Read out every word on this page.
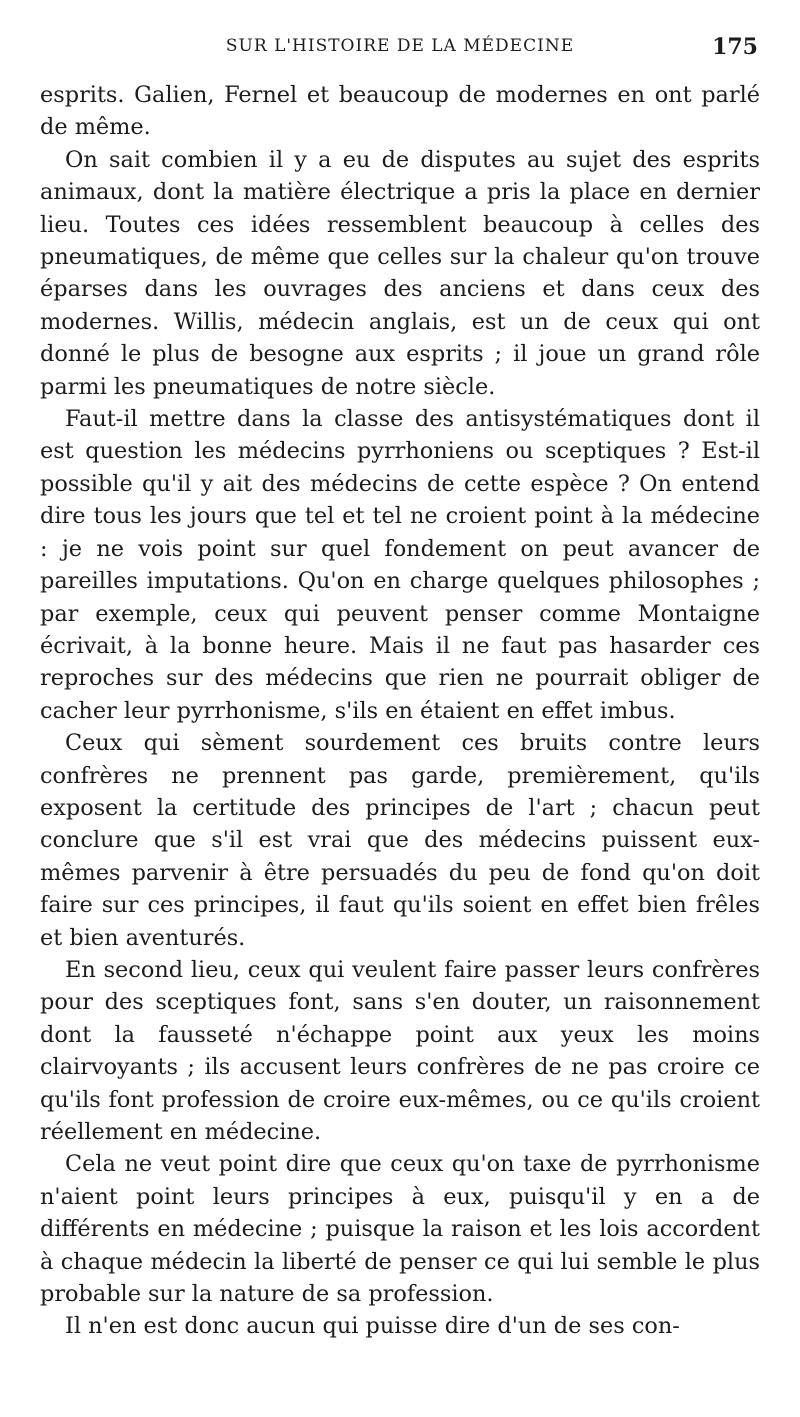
SUR L'HISTOIRE DE LA MÉDECINE	175

esprits. Galien, Fernel et beaucoup de modernes en ont parlé de même.

On sait combien il y a eu de disputes au sujet des esprits animaux, dont la matière électrique a pris la place en dernier lieu. Toutes ces idées ressemblent beaucoup à celles des pneumatiques, de même que celles sur la chaleur qu'on trouve éparses dans les ouvrages des anciens et dans ceux des modernes. Willis, médecin anglais, est un de ceux qui ont donné le plus de besogne aux esprits ; il joue un grand rôle parmi les pneumatiques de notre siècle.

Faut-il mettre dans la classe des antisystématiques dont il est question les médecins pyrrhoniens ou sceptiques ? Est-il possible qu'il y ait des médecins de cette espèce ? On entend dire tous les jours que tel et tel ne croient point à la médecine : je ne vois point sur quel fondement on peut avancer de pareilles imputations. Qu'on en charge quelques philosophes ; par exemple, ceux qui peuvent penser comme Montaigne écrivait, à la bonne heure. Mais il ne faut pas hasarder ces reproches sur des médecins que rien ne pourrait obliger de cacher leur pyrrhonisme, s'ils en étaient en effet imbus.

Ceux qui sèment sourdement ces bruits contre leurs confrères ne prennent pas garde, premièrement, qu'ils exposent la certitude des principes de l'art ; chacun peut conclure que s'il est vrai que des médecins puissent eux-mêmes parvenir à être persuadés du peu de fond qu'on doit faire sur ces principes, il faut qu'ils soient en effet bien frêles et bien aventurés.

En second lieu, ceux qui veulent faire passer leurs confrères pour des sceptiques font, sans s'en douter, un raisonnement dont la fausseté n'échappe point aux yeux les moins clairvoyants ; ils accusent leurs confrères de ne pas croire ce qu'ils font profession de croire eux-mêmes, ou ce qu'ils croient réellement en médecine.

Cela ne veut point dire que ceux qu'on taxe de pyrrhonisme n'aient point leurs principes à eux, puisqu'il y en a de différents en médecine ; puisque la raison et les lois accordent à chaque médecin la liberté de penser ce qui lui semble le plus probable sur la nature de sa profession.

Il n'en est donc aucun qui puisse dire d'un de ses con-
